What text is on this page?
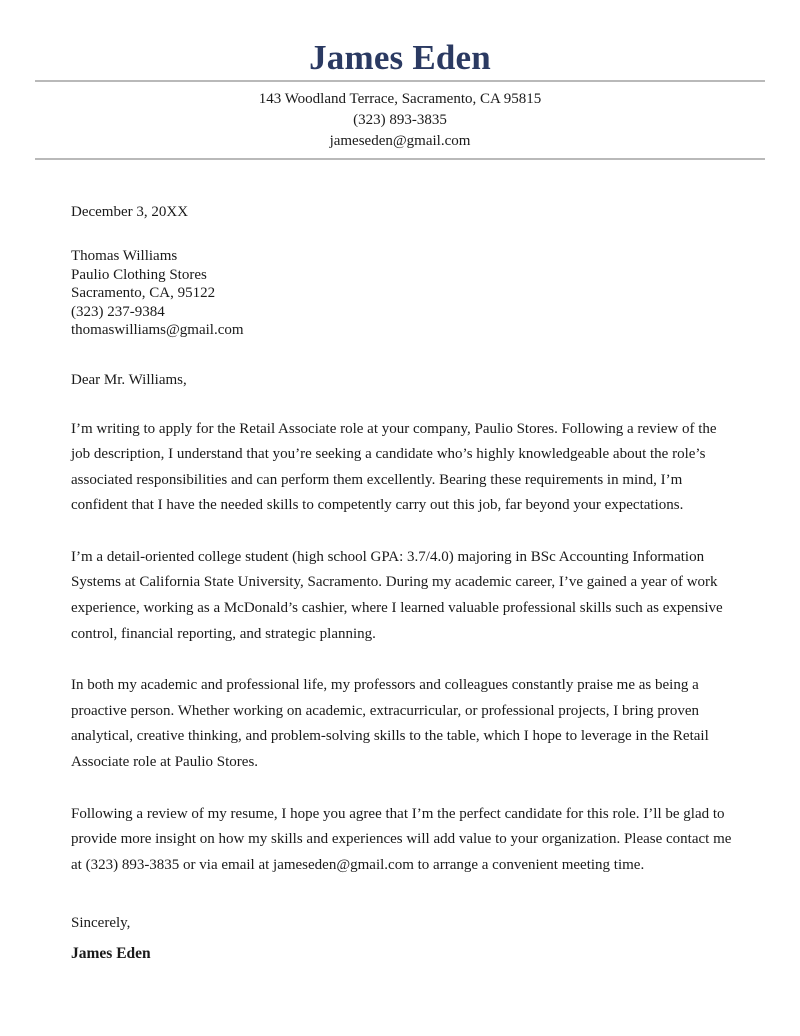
James Eden
143 Woodland Terrace, Sacramento, CA 95815
(323) 893-3835
jameseden@gmail.com
December 3, 20XX
Thomas Williams
Paulio Clothing Stores
Sacramento, CA, 95122
(323) 237-9384
thomaswilliams@gmail.com
Dear Mr. Williams,

I’m writing to apply for the Retail Associate role at your company, Paulio Stores. Following a review of the job description, I understand that you’re seeking a candidate who’s highly knowledgeable about the role’s associated responsibilities and can perform them excellently. Bearing these requirements in mind, I’m confident that I have the needed skills to competently carry out this job, far beyond your expectations.

I’m a detail-oriented college student (high school GPA: 3.7/4.0) majoring in BSc Accounting Information Systems at California State University, Sacramento. During my academic career, I’ve gained a year of work experience, working as a McDonald’s cashier, where I learned valuable professional skills such as expensive control, financial reporting, and strategic planning.

In both my academic and professional life, my professors and colleagues constantly praise me as being a proactive person. Whether working on academic, extracurricular, or professional projects, I bring proven analytical, creative thinking, and problem-solving skills to the table, which I hope to leverage in the Retail Associate role at Paulio Stores.

Following a review of my resume, I hope you agree that I’m the perfect candidate for this role. I’ll be glad to provide more insight on how my skills and experiences will add value to your organization. Please contact me at (323) 893-3835 or via email at jameseden@gmail.com to arrange a convenient meeting time.

Sincerely,
James Eden
